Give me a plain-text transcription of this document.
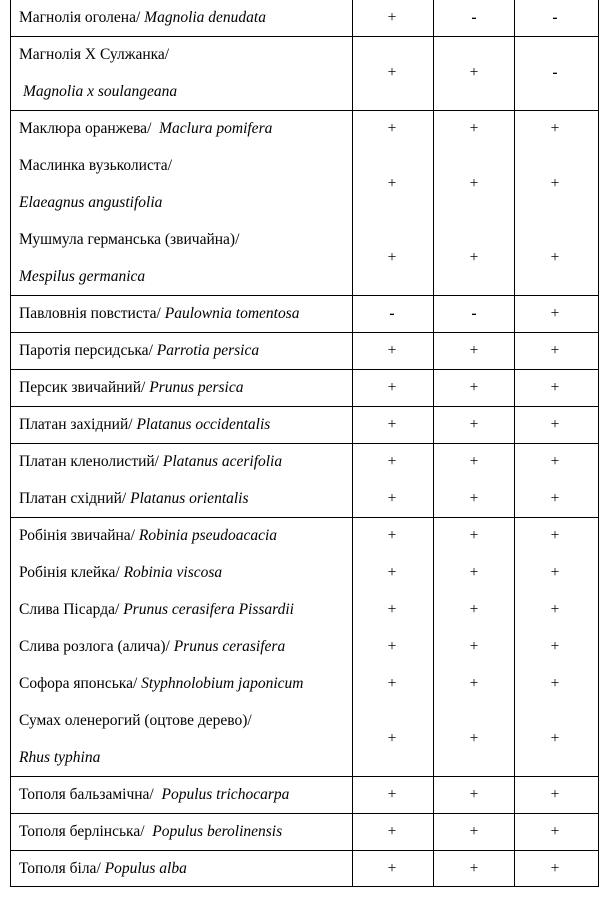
Магнолія оголена/ Magnolia denudata	+	-	-
Магнолія Х Сулжанка/
Magnolia x soulangeana
+	+	-
Маклюра оранжева/  Maclura pomifera	+	+	+
Маслинка вузьколиста/
Elaeagnus angustifolia
+	+	+
Мушмула германська (звичайна)/
Mespilus germanica
+	+	+
Павловнія повстиста/ Paulownia tomentosa	-	-	+
Паротія персидська/ Parrotia persica	+	+	+
Персик звичайний/ Prunus persica	+	+	+
Платан західний/ Platanus occidentalis	+	+	+
Платан кленолистий/ Platanus acerifolia	+	+	+
Платан східний/ Platanus orientalis	+	+	+
Робінія звичайна/ Robinia pseudoacacia	+	+	+
Робінія клейка/ Robinia viscosa	+	+	+
Слива Пісарда/ Prunus cerasifera Pissardii	+	+	+
Слива розлога (алича)/ Prunus cerasifera	+	+	+
Софора японська/ Styphnolobium japonicum	+	+	+
Сумах оленерогий (оцтове дерево)/
Rhus typhina
+	+	+
Тополя бальзамічна/  Populus trichocarpa	+	+	+
Тополя берлінська/  Populus berolinensis	+	+	+
Тополя біла/ Populus alba	+	+	+
